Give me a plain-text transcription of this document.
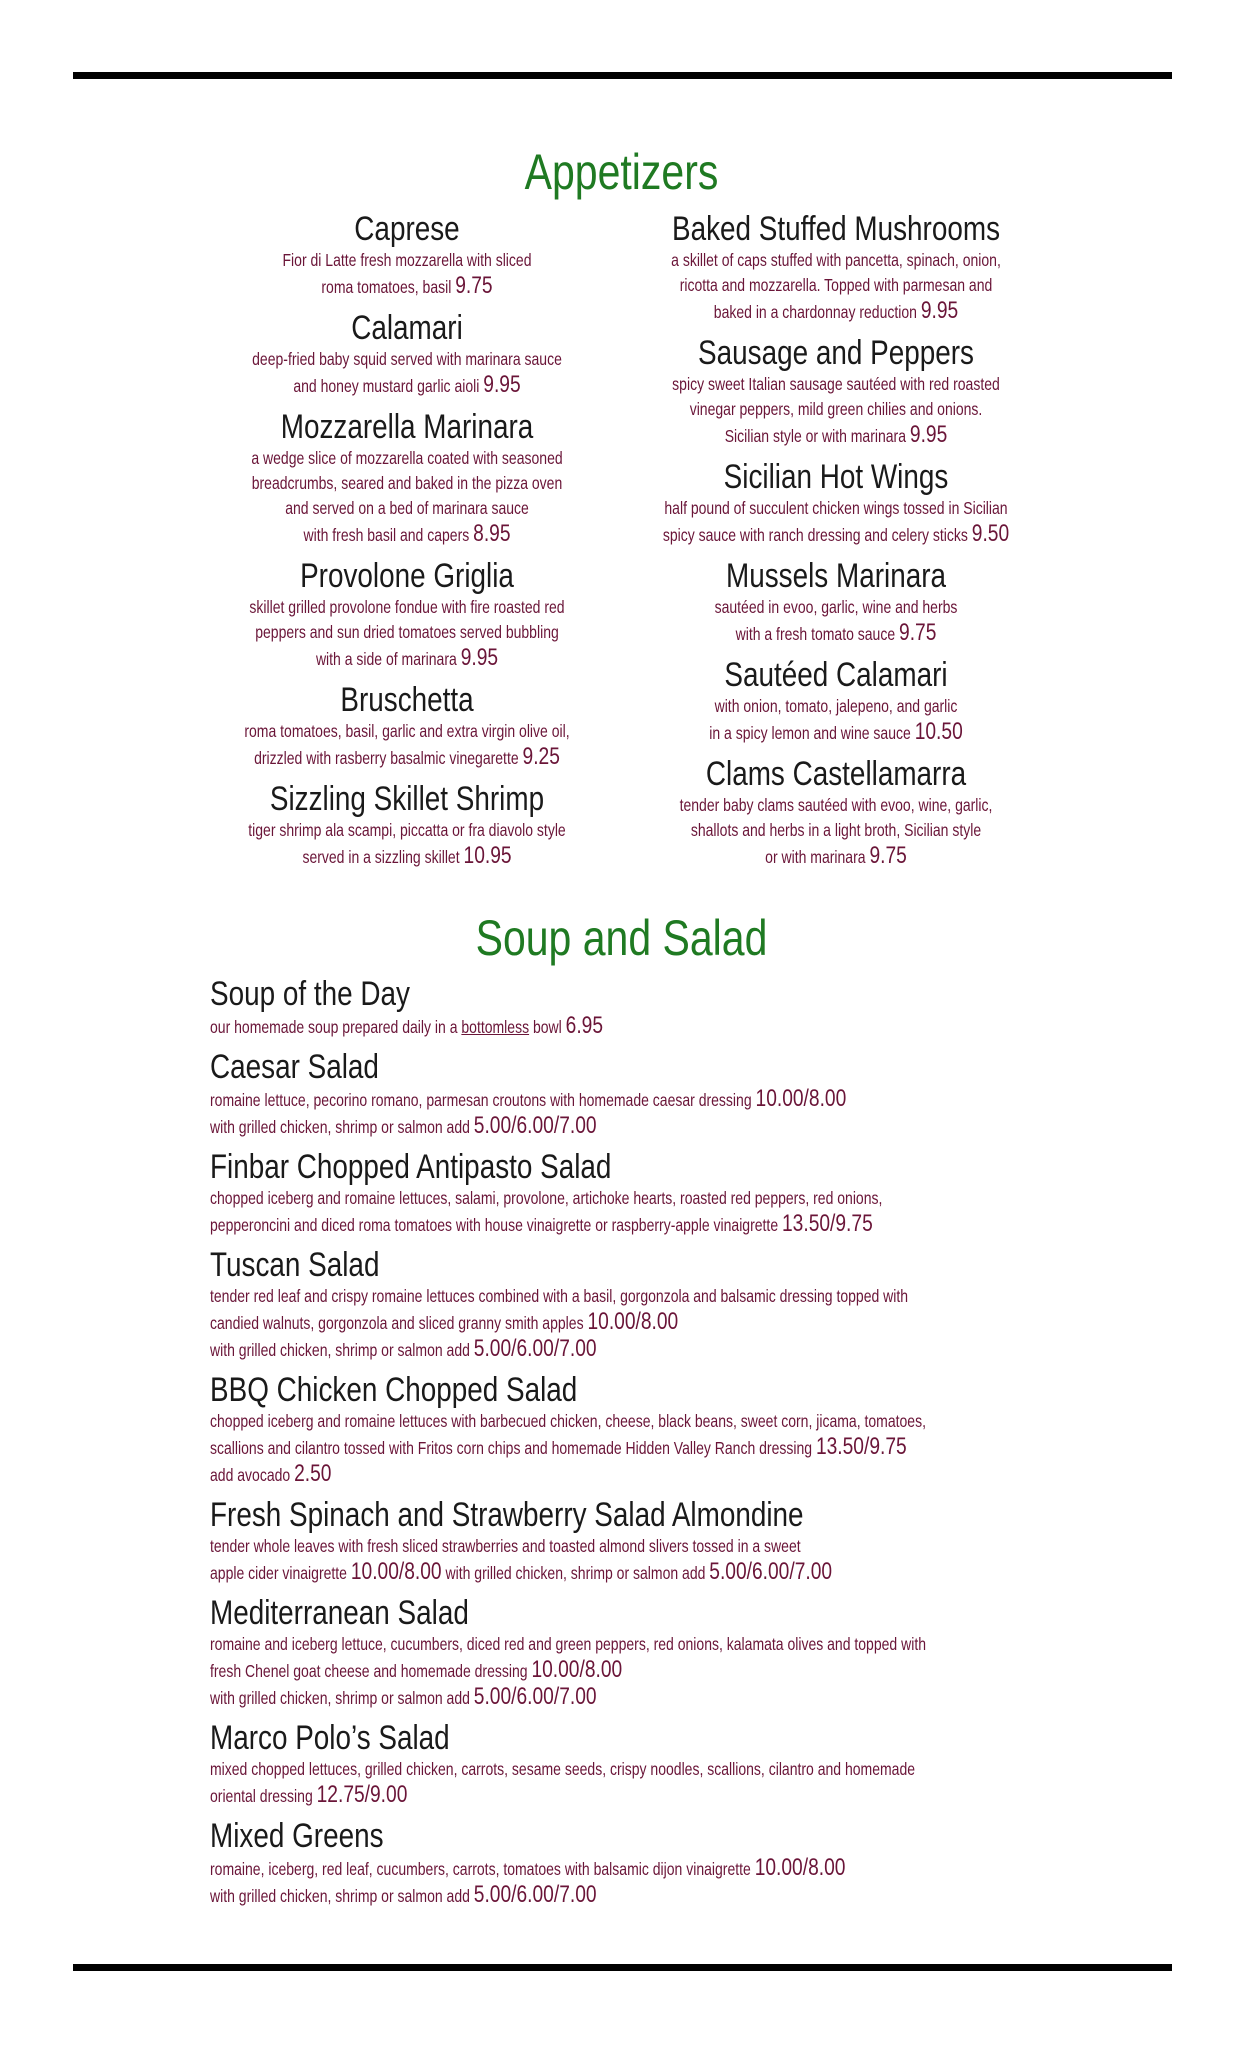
Appetizers
Caprese
Fior di Latte fresh mozzarella with sliced
roma tomatoes, basil 9.75
Calamari
deep-fried baby squid served with marinara sauce
and honey mustard garlic aioli 9.95
Mozzarella Marinara
a wedge slice of mozzarella coated with seasoned
breadcrumbs, seared and baked in the pizza oven
and served on a bed of marinara sauce
with fresh basil and capers 8.95
Provolone Griglia
skillet grilled provolone fondue with fire roasted red
peppers and sun dried tomatoes served bubbling
with a side of marinara 9.95
Bruschetta
roma tomatoes, basil, garlic and extra virgin olive oil,
drizzled with rasberry basalmic vinegarette 9.25
Sizzling Skillet Shrimp
tiger shrimp ala scampi, piccatta or fra diavolo style
served in a sizzling skillet 10.95
Baked Stuffed Mushrooms
a skillet of caps stuffed with pancetta, spinach, onion,
ricotta and mozzarella. Topped with parmesan and
baked in a chardonnay reduction 9.95
Sausage and Peppers
spicy sweet Italian sausage sautéed with red roasted
vinegar peppers, mild green chilies and onions.
Sicilian style or with marinara 9.95
Sicilian Hot Wings
half pound of succulent chicken wings tossed in Sicilian
spicy sauce with ranch dressing and celery sticks 9.50
Mussels Marinara
sautéed in evoo, garlic, wine and herbs
with a fresh tomato sauce 9.75
Sautéed Calamari
with onion, tomato, jalepeno, and garlic
in a spicy lemon and wine sauce 10.50
Clams Castellamarra
tender baby clams sautéed with evoo, wine, garlic,
shallots and herbs in a light broth, Sicilian style
or with marinara 9.75
Soup and Salad
Soup of the Day
our homemade soup prepared daily in a bottomless bowl 6.95
Caesar Salad
romaine lettuce, pecorino romano, parmesan croutons with homemade caesar dressing 10.00/8.00
with grilled chicken, shrimp or salmon add 5.00/6.00/7.00
Finbar Chopped Antipasto Salad
chopped iceberg and romaine lettuces, salami, provolone, artichoke hearts, roasted red peppers, red onions,
pepperoncini and diced roma tomatoes with house vinaigrette or raspberry-apple vinaigrette 13.50/9.75
Tuscan Salad
tender red leaf and crispy romaine lettuces combined with a basil, gorgonzola and balsamic dressing topped with
candied walnuts, gorgonzola and sliced granny smith apples 10.00/8.00
with grilled chicken, shrimp or salmon add 5.00/6.00/7.00
BBQ Chicken Chopped Salad
chopped iceberg and romaine lettuces with barbecued chicken, cheese, black beans, sweet corn, jicama, tomatoes,
scallions and cilantro tossed with Fritos corn chips and homemade Hidden Valley Ranch dressing 13.50/9.75
add avocado 2.50
Fresh Spinach and Strawberry Salad Almondine
tender whole leaves with fresh sliced strawberries and toasted almond slivers tossed in a sweet
apple cider vinaigrette 10.00/8.00 with grilled chicken, shrimp or salmon add 5.00/6.00/7.00
Mediterranean Salad
romaine and iceberg lettuce, cucumbers, diced red and green peppers, red onions, kalamata olives and topped with
fresh Chenel goat cheese and homemade dressing 10.00/8.00
with grilled chicken, shrimp or salmon add 5.00/6.00/7.00
Marco Polo’s Salad
mixed chopped lettuces, grilled chicken, carrots, sesame seeds, crispy noodles, scallions, cilantro and homemade
oriental dressing 12.75/9.00
Mixed Greens
romaine, iceberg, red leaf, cucumbers, carrots, tomatoes with balsamic dijon vinaigrette 10.00/8.00
with grilled chicken, shrimp or salmon add 5.00/6.00/7.00
